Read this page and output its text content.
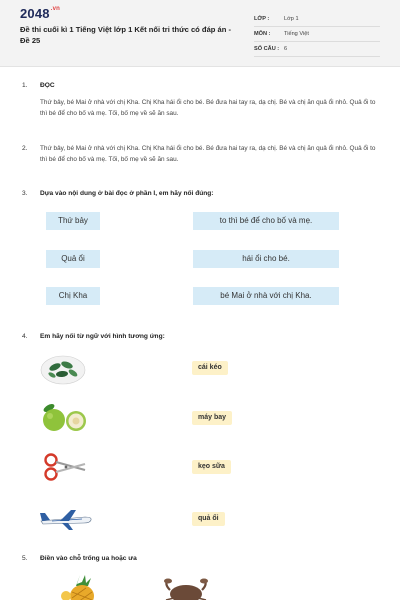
$2048^{.vn}$
Đề thi cuối kì 1 Tiếng Việt lớp 1 Kết nối tri thức có đáp án - Đề 25
LỚP :	Lớp 1
MÔN : Tiếng Việt
SỐ CÂU : 6
1. ĐỌC
Thứ bảy, bé Mai ở nhà với chị Kha. Chị Kha hái ổi cho bé. Bé đưa hai tay ra, dạ chị. Bé và chị ăn quả ổi nhỏ. Quả ổi to thì bé để cho bố và mẹ. Tối, bố mẹ về sẽ ăn sau.
2. Thứ bảy, bé Mai ở nhà với chị Kha. Chị Kha hái ổi cho bé. Bé đưa hai tay ra, dạ chị. Bé và chị ăn quả ổi nhỏ. Quả ổi to thì bé để cho bố và mẹ. Tối, bố mẹ về sẽ ăn sau.
3. Dựa vào nội dung ở bài đọc ở phần I, em hãy nối đúng:
Thứ bảy	to thì bé để cho bố và mẹ.
Quả ổi	hái ổi cho bé.
Chị Kha	bé Mai ở nhà với chị Kha.
4. Em hãy nối từ ngữ với hình tương ứng:
cái kéo
máy bay
kẹo sữa
quả ổi
5. Điền vào chỗ trống ua hoặc ưa
